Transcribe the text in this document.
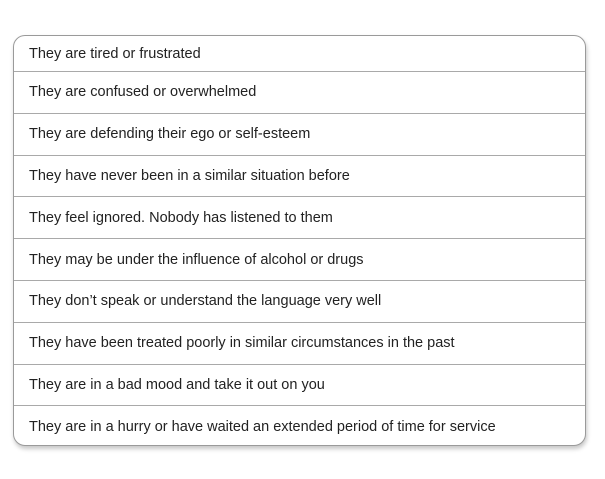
They are tired or frustrated
They are confused or overwhelmed
They are defending their ego or self-esteem
They have never been in a similar situation before
They feel ignored. Nobody has listened to them
They may be under the influence of alcohol or drugs
They don’t speak or understand the language very well
They have been treated poorly in similar circumstances in the past
They are in a bad mood and take it out on you
They are in a hurry or have waited an extended period of time for service
